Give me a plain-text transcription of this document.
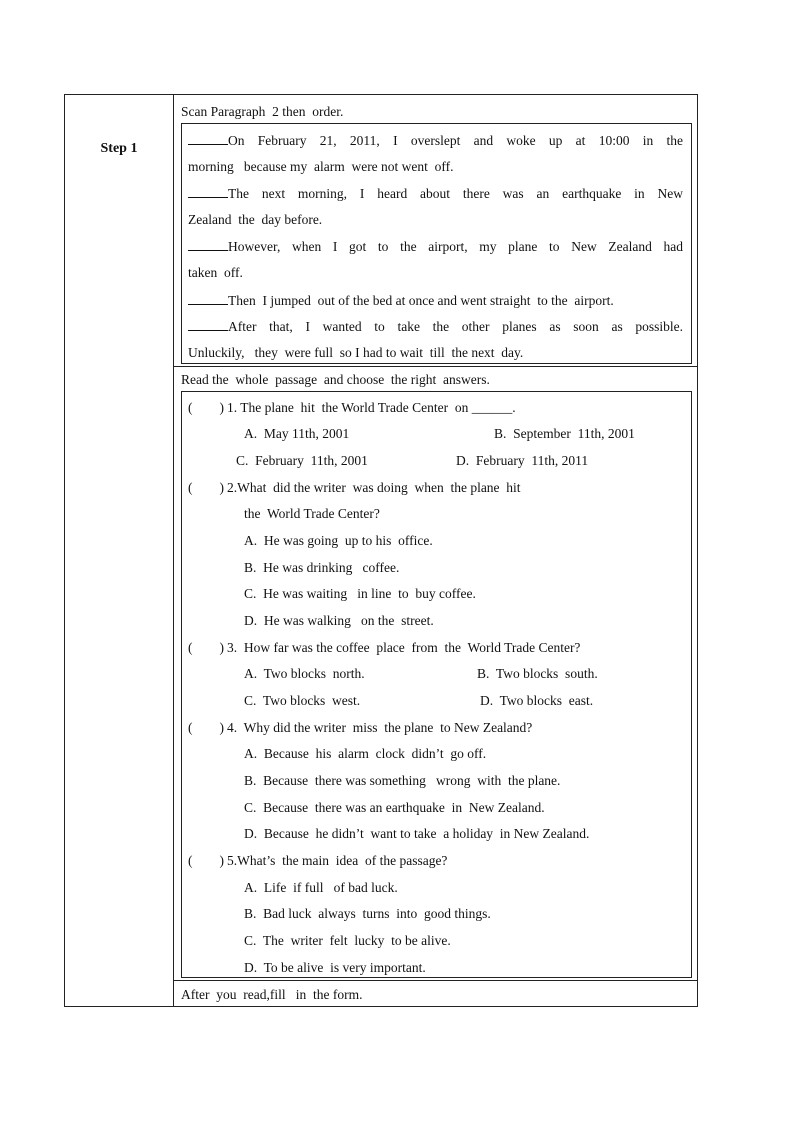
Step 1
Scan Paragraph  2 then  order.
On February 21, 2011, I overslept and woke up at 10:00 in the
morning   because my  alarm  were not went  off.
The next morning, I heard about there was an earthquake in New
Zealand  the  day before.
However, when I got to the airport, my plane to New Zealand had
taken  off.
Then  I jumped  out of the bed at once and went straight  to the  airport.
After that, I wanted to take the other planes as soon as possible.
Unluckily,   they  were full  so I had to wait  till  the next  day.
Read the  whole  passage  and choose  the right  answers.
(        ) 1. The plane  hit  the World Trade Center  on ______.
A.  May 11th, 2001	B.  September  11th, 2001
C.  February  11th, 2001	D.  February  11th, 2011
(        ) 2.What  did the writer  was doing  when  the plane  hit
the  World Trade Center?
A.  He was going  up to his  office.
B.  He was drinking   coffee.
C.  He was waiting   in line  to  buy coffee.
D.  He was walking   on the  street.
(        ) 3.  How far was the coffee  place  from  the  World Trade Center?
A.  Two blocks  north.	B.  Two blocks  south.
C.  Two blocks  west.	D.  Two blocks  east.
(        ) 4.  Why did the writer  miss  the plane  to New Zealand?
A.  Because  his  alarm  clock  didn’t  go off.
B.  Because  there was something   wrong  with  the plane.
C.  Because  there was an earthquake  in  New Zealand.
D.  Because  he didn’t  want to take  a holiday  in New Zealand.
(        ) 5.What’s  the main  idea  of the passage?
A.  Life  if full   of bad luck.
B.  Bad luck  always  turns  into  good things.
C.  The  writer  felt  lucky  to be alive.
D.  To be alive  is very important.
After  you  read,fill   in  the form.
